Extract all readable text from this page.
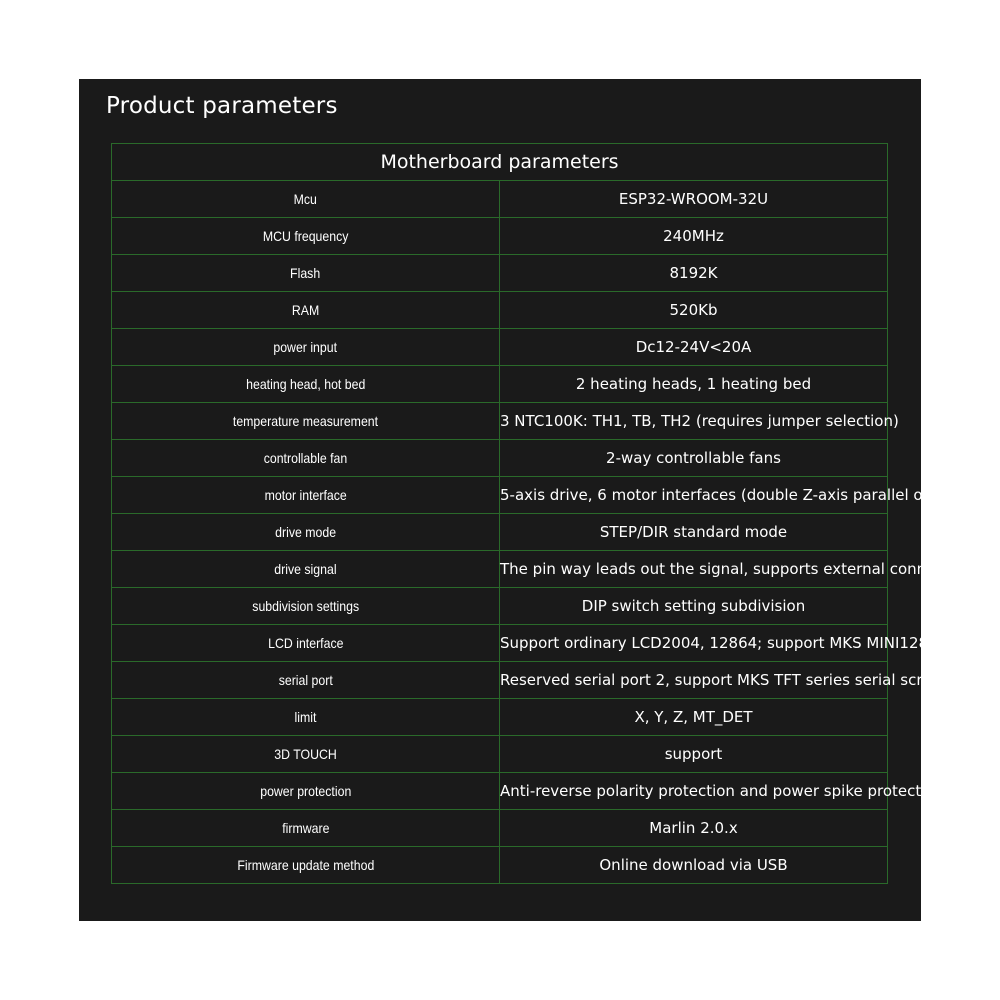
Product parameters
Motherboard parameters	
Mcu	ESP32-WROOM-32U
MCU frequency	240MHz
Flash	8192K
RAM	520Kb
power input	Dc12-24V<20A
heating head, hot bed	2 heating heads, 1 heating bed
temperature measurement	3 NTC100K: TH1, TB, TH2 (requires jumper selection)
controllable fan	2-way controllable fans
motor interface	5-axis drive, 6 motor interfaces (double Z-axis parallel output)
drive mode	STEP/DIR standard mode
drive signal	The pin way leads out the signal, supports external connection
subdivision settings	DIP switch setting subdivision
LCD interface	Support ordinary LCD2004, 12864; support MKS MINI12864 V3
serial port	Reserved serial port 2, support MKS TFT series serial screen
limit	X, Y, Z, MT_DET
3D TOUCH	support
power protection	Anti-reverse polarity protection and power spike protection
firmware	Marlin 2.0.x
Firmware update method	Online download via USB
